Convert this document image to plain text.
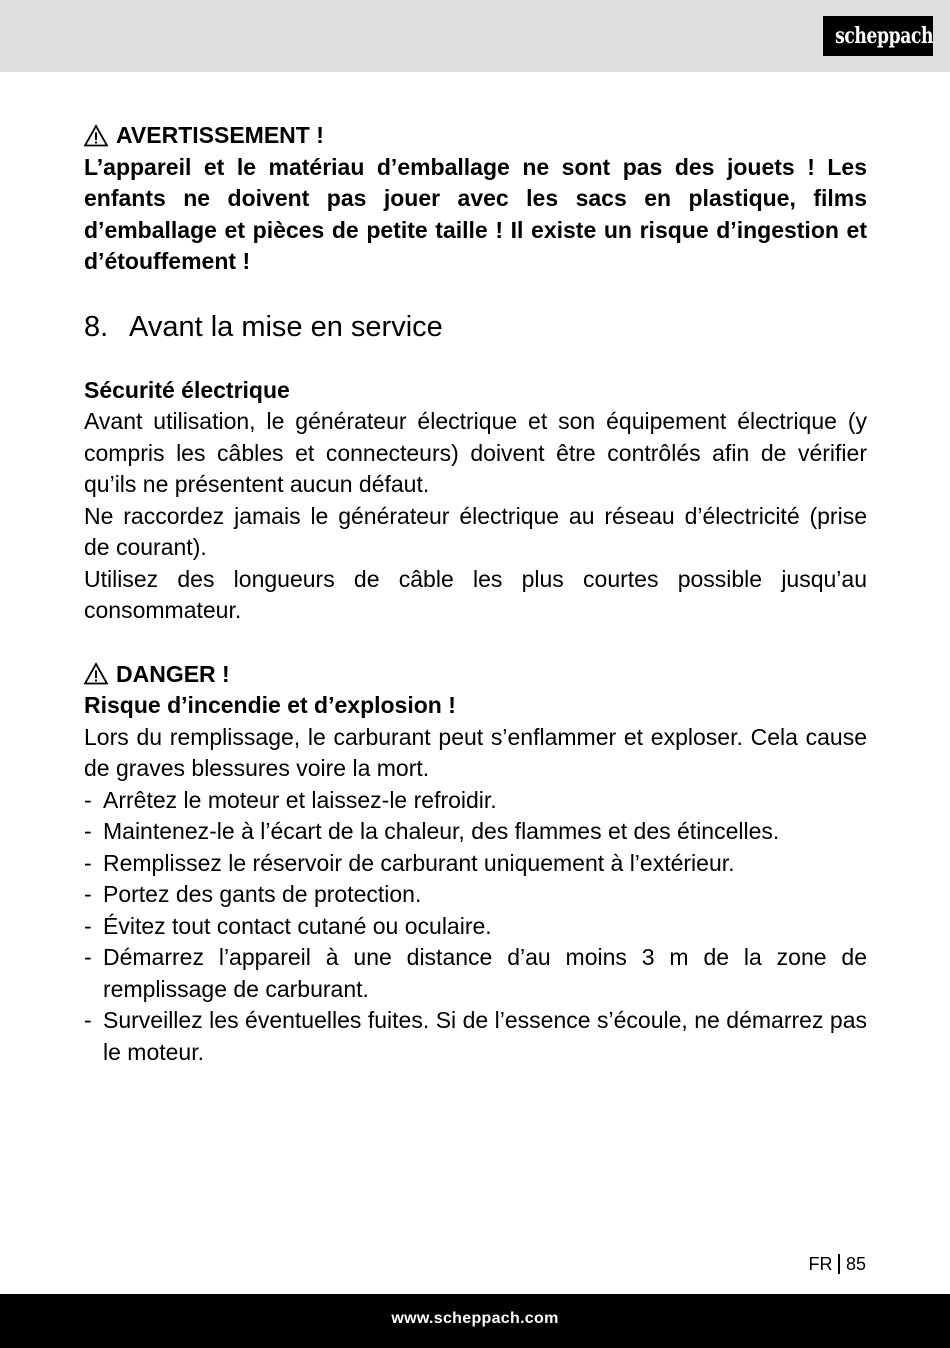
scheppach
AVERTISSEMENT !
L’appareil et le matériau d’emballage ne sont pas des jouets ! Les enfants ne doivent pas jouer avec les sacs en plastique, films d’emballage et pièces de petite taille ! Il existe un risque d’ingestion et d’étouffement !
8. Avant la mise en service
Sécurité électrique
Avant utilisation, le générateur électrique et son équipement électrique (y compris les câbles et connecteurs) doivent être contrôlés afin de vérifier qu’ils ne présentent aucun défaut.
Ne raccordez jamais le générateur électrique au réseau d’électricité (prise de courant).
Utilisez des longueurs de câble les plus courtes possible jusqu’au consommateur.
DANGER !
Risque d’incendie et d’explosion !
Lors du remplissage, le carburant peut s’enflammer et exploser. Cela cause de graves blessures voire la mort.
- Arrêtez le moteur et laissez-le refroidir.
- Maintenez-le à l’écart de la chaleur, des flammes et des étincelles.
- Remplissez le réservoir de carburant uniquement à l’extérieur.
- Portez des gants de protection.
- Évitez tout contact cutané ou oculaire.
- Démarrez l’appareil à une distance d’au moins 3 m de la zone de remplissage de carburant.
- Surveillez les éventuelles fuites. Si de l’essence s’écoule, ne démarrez pas le moteur.
FR 85
www.scheppach.com
